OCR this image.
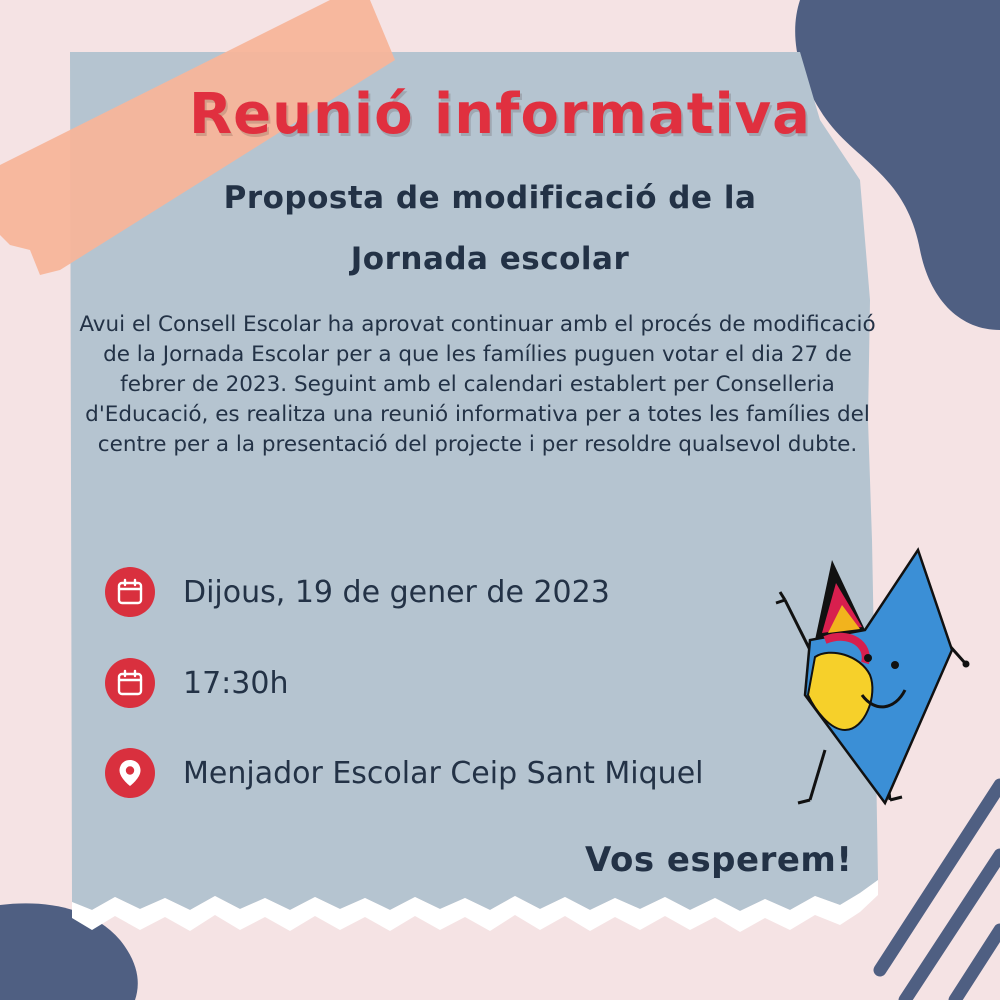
Reunió informativa
Proposta de modificació de la
Jornada escolar
Avui el Consell Escolar ha aprovat continuar amb el procés de modificació de la Jornada Escolar per a que les famílies puguen votar el dia 27 de febrer de 2023. Seguint amb el calendari establert per Conselleria d'Educació, es realitza una reunió informativa per a totes les famílies del centre per a la presentació del projecte i per resoldre qualsevol dubte.
Dijous, 19 de gener de 2023
17:30h
Menjador Escolar Ceip Sant Miquel
Vos esperem!
